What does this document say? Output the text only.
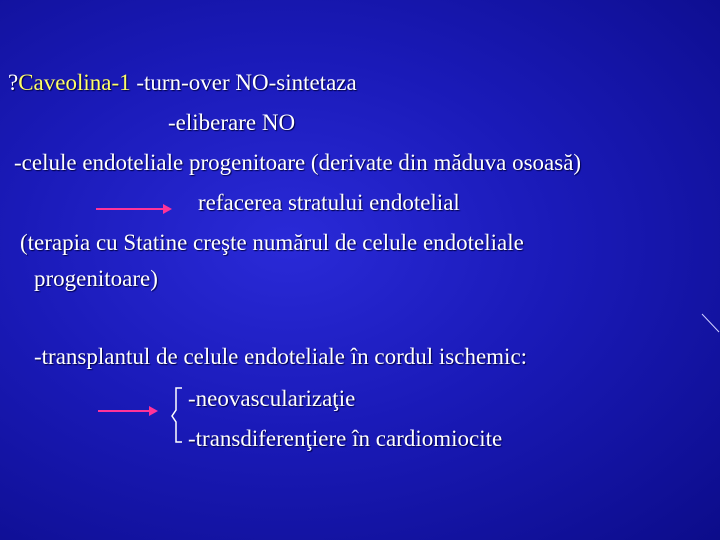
?Caveolina-1 -turn-over NO-sintetaza
-eliberare NO
-celule endoteliale progenitoare (derivate din măduva osoasă)
refacerea stratului endotelial
(terapia cu Statine creşte numărul de celule endoteliale
progenitoare)
-transplantul de celule endoteliale în cordul ischemic:
-neovascularizaţie
-transdiferenţiere în cardiomiocite
